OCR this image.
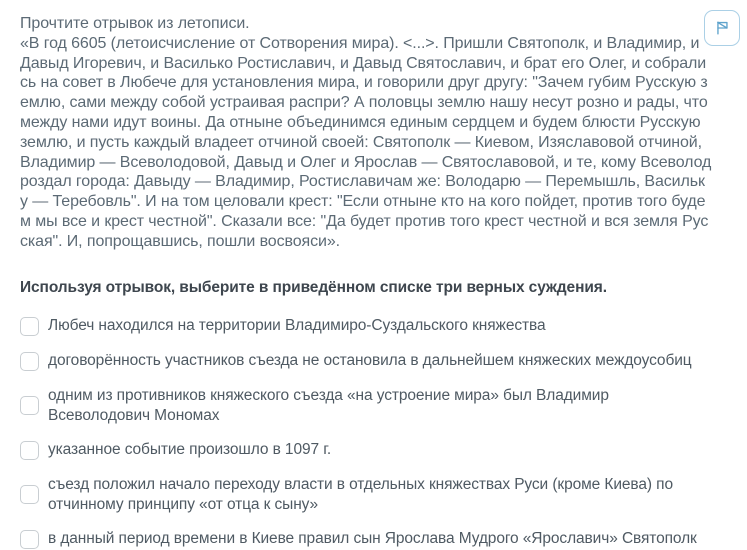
Прочтите отрывок из летописи.
«В год 6605 (летоисчисление от Сотворения мира). <...>. Пришли Святополк, и Владимир, и Давыд Игоревич, и Василько Ростиславич, и Давыд Святославич, и брат его Олег, и собрались на совет в Любече для установления мира, и говорили друг другу: "Зачем губим Русскую землю, сами между собой устраивая распри? А половцы землю нашу несут розно и рады, что между нами идут воины. Да отныне объединимся единым сердцем и будем блюсти Русскую землю, и пусть каждый владеет отчиной своей: Святополк — Киевом, Изяславовой отчиной, Владимир — Всеволодовой, Давыд и Олег и Ярослав — Святославовой, и те, кому Всеволод роздал города: Давыду — Владимир, Ростиславичам же: Володарю — Перемышль, Васильку — Теребовль". И на том целовали крест: "Если отныне кто на кого пойдет, против того будем мы все и крест честной". Сказали все: "Да будет против того крест честной и вся земля Русская". И, попрощавшись, пошли восвояси».
Используя отрывок, выберите в приведённом списке три верных суждения.
Любеч находился на территории Владимиро-Суздальского княжества
договорённость участников съезда не остановила в дальнейшем княжеских междоусобиц
одним из противников княжеского съезда «на устроение мира» был Владимир Всеволодович Мономах
указанное событие произошло в 1097 г.
съезд положил начало переходу власти в отдельных княжествах Руси (кроме Киева) по отчинному принципу «от отца к сыну»
в данный период времени в Киеве правил сын Ярослава Мудрого «Ярославич» Святополк
